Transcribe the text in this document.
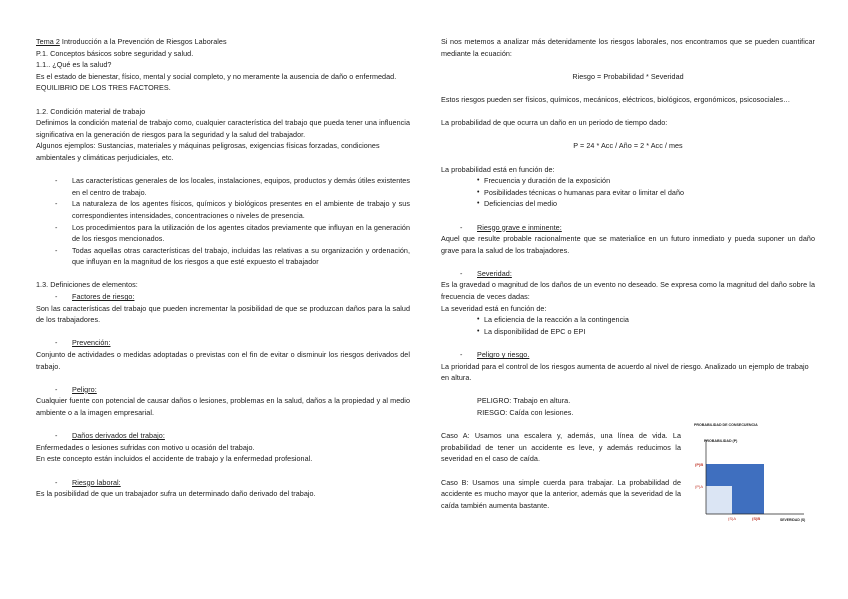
Tema 2 Introducción a la Prevención de Riesgos Laborales

P.1. Conceptos básicos sobre seguridad y salud.

1.1.. ¿Qué es la salud?

Es el estado de bienestar, físico, mental y social completo, y no meramente la ausencia de daño o enfermedad. EQUILIBRIO DE LOS TRES FACTORES.

1.2. Condición material de trabajo

Definimos la condición material de trabajo como, cualquier característica del trabajo que pueda tener una influencia significativa en la generación de riesgos para la seguridad y la salud del trabajador.

Algunos ejemplos: Sustancias, materiales y máquinas peligrosas, exigencias físicas forzadas, condiciones ambientales y climáticas perjudiciales, etc.

- Las características generales de los locales, instalaciones, equipos, productos y demás útiles existentes en el centro de trabajo.

- La naturaleza de los agentes físicos, químicos y biológicos presentes en el ambiente de trabajo y sus correspondientes intensidades, concentraciones o niveles de presencia.

- Los procedimientos para la utilización de los agentes citados previamente que influyan en la generación de los riesgos mencionados.

- Todas aquellas otras características del trabajo, incluidas las relativas a su organización y ordenación, que influyan en la magnitud de los riesgos a que esté expuesto el trabajador

1.3. Definiciones de elementos:

- Factores de riesgo:

Son las características del trabajo que pueden incrementar la posibilidad de que se produzcan daños para la salud de los trabajadores.

- Prevención:

Conjunto de actividades o medidas adoptadas o previstas con el fin de evitar o disminuir los riesgos derivados del trabajo.

- Peligro:

Cualquier fuente con potencial de causar daños o lesiones, problemas en la salud, daños a la propiedad y al medio ambiente o a la imagen empresarial.

- Daños derivados del trabajo:

Enfermedades o lesiones sufridas con motivo u ocasión del trabajo.

En este concepto están incluidos el accidente de trabajo y la enfermedad profesional.

- Riesgo laboral:

Es la posibilidad de que un trabajador sufra un determinado daño derivado del trabajo.

Si nos metemos a analizar más detenidamente los riesgos laborales, nos encontramos que se pueden cuantificar mediante la ecuación:

Riesgo = Probabilidad * Severidad

Estos riesgos pueden ser físicos, químicos, mecánicos, eléctricos, biológicos, ergonómicos, psicosociales…

La probabilidad de que ocurra un daño en un periodo de tiempo dado:

P = 24 * Acc / Año = 2 * Acc / mes

La probabilidad está en función de:

• Frecuencia y duración de la exposición

• Posibilidades técnicas o humanas para evitar o limitar el daño

• Deficiencias del medio

- Riesgo grave e inminente:

Aquel que resulte probable racionalmente que se materialice en un futuro inmediato y pueda suponer un daño grave para la salud de los trabajadores.

- Severidad:

Es la gravedad o magnitud de los daños de un evento no deseado. Se expresa como la magnitud del daño sobre la frecuencia de veces dadas:

La severidad está en función de:

• La eficiencia de la reacción a la contingencia

• La disponibilidad de EPC o EPI

- Peligro y riesgo.

La prioridad para el control de los riesgos aumenta de acuerdo al nivel de riesgo. Analizado un ejemplo de trabajo en altura.

PELIGRO: Trabajo en altura.

RIESGO: Caída con lesiones.

Caso A: Usamos una escalera y, además, una línea de vida. La probabilidad de tener un accidente es leve, y además reducimos la severidad en el caso de caída.

Caso B: Usamos una simple cuerda para trabajar. La probabilidad de accidente es mucho mayor que la anterior, además que la severidad de la caída también aumenta bastante.

PROBABILIDAD DE CONSECUENCIA
PROBABILIDAD (P)
(P)B
(P)A
(S)A	(S)B	SEVERIDAD (S)
